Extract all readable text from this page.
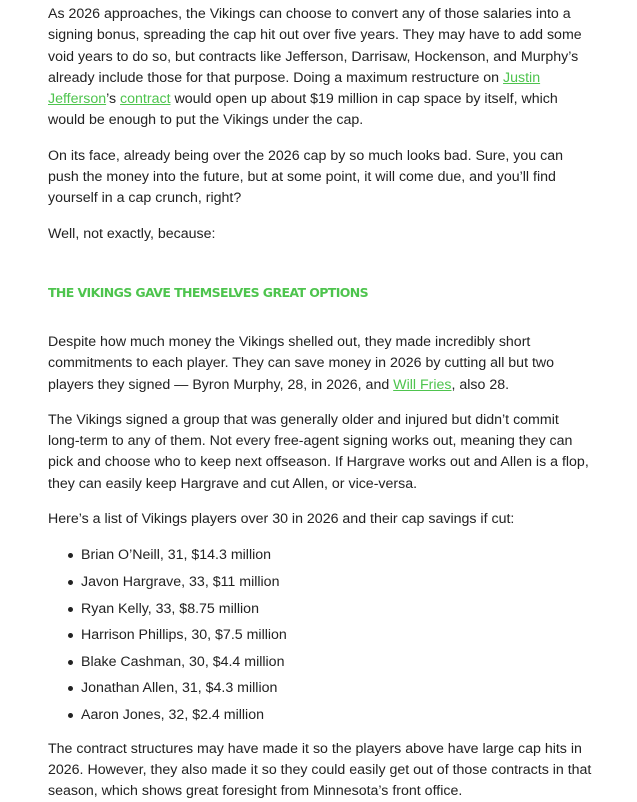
As 2026 approaches, the Vikings can choose to convert any of those salaries into a signing bonus, spreading the cap hit out over five years. They may have to add some void years to do so, but contracts like Jefferson, Darrisaw, Hockenson, and Murphy’s already include those for that purpose. Doing a maximum restructure on Justin Jefferson’s contract would open up about $19 million in cap space by itself, which would be enough to put the Vikings under the cap.

On its face, already being over the 2026 cap by so much looks bad. Sure, you can push the money into the future, but at some point, it will come due, and you’ll find yourself in a cap crunch, right?

Well, not exactly, because:

THE VIKINGS GAVE THEMSELVES GREAT OPTIONS

Despite how much money the Vikings shelled out, they made incredibly short commitments to each player. They can save money in 2026 by cutting all but two players they signed — Byron Murphy, 28, in 2026, and Will Fries, also 28.

The Vikings signed a group that was generally older and injured but didn’t commit long-term to any of them. Not every free-agent signing works out, meaning they can pick and choose who to keep next offseason. If Hargrave works out and Allen is a flop, they can easily keep Hargrave and cut Allen, or vice-versa.

Here’s a list of Vikings players over 30 in 2026 and their cap savings if cut:

Brian O’Neill, 31, $14.3 million
Javon Hargrave, 33, $11 million
Ryan Kelly, 33, $8.75 million
Harrison Phillips, 30, $7.5 million
Blake Cashman, 30, $4.4 million
Jonathan Allen, 31, $4.3 million
Aaron Jones, 32, $2.4 million

The contract structures may have made it so the players above have large cap hits in 2026. However, they also made it so they could easily get out of those contracts in that season, which shows great foresight from Minnesota’s front office.
